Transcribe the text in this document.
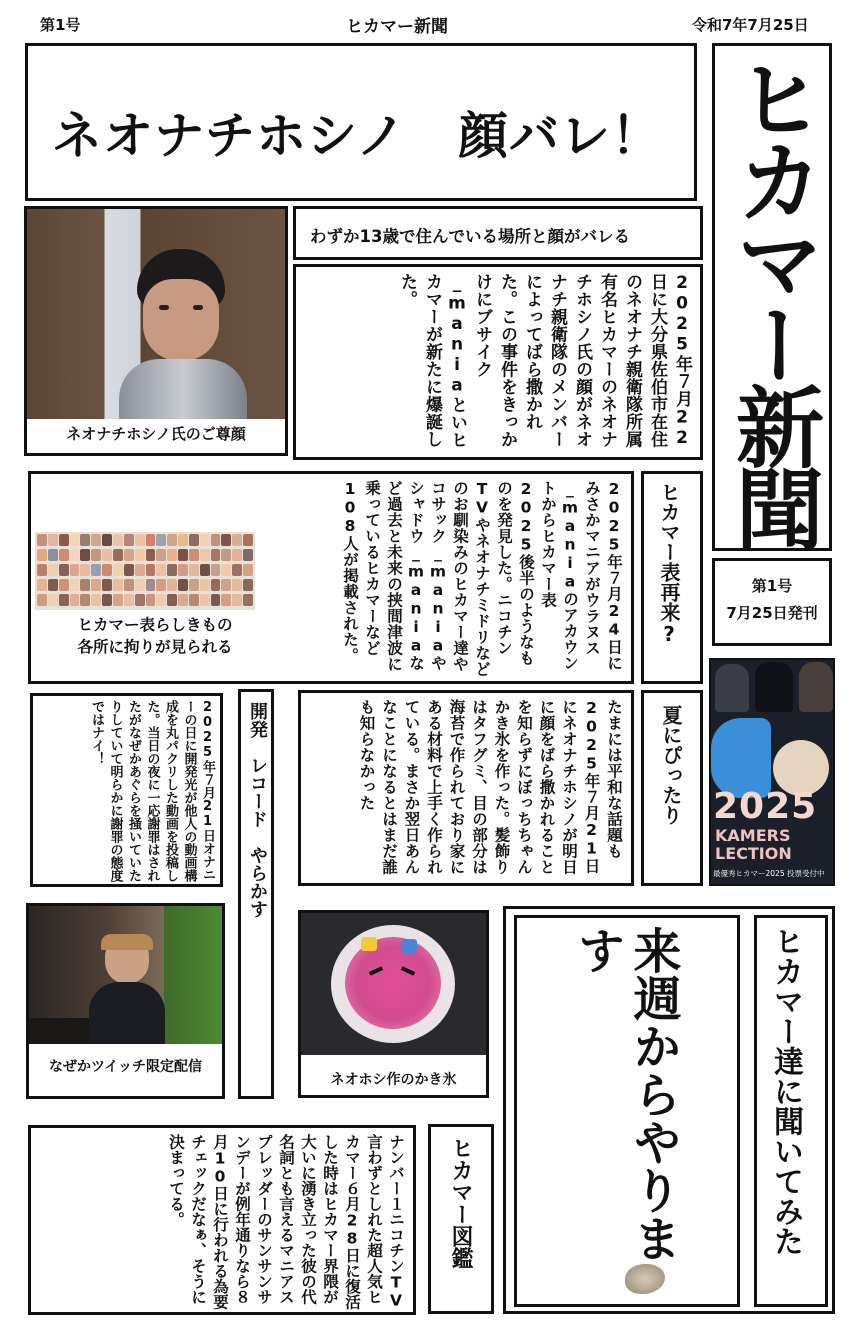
第1号	ヒカマー新聞	令和7年7月25日
ネオナチホシノ　顔バレ！ ヒカマー新聞
第1号
7月25日発刊
ネオナチホシノ氏のご尊顔
わずか13歳で住んでいる場所と顔がバレる
2025年７月22日に大分県佐伯市在住のネオナチ親衛隊所属有名ヒカマーのネオナチホシノ氏の顔がネオナチ親衛隊のメンバーによってばら撒かれた。この事件をきっかけにブサイク_maniaといヒカマーが新たに爆誕した。
2025年７月24日にみさかマニアがウラヌス_maniaのアカウントからヒカマー表2025後半のようなものを発見した。ニコチンTVやネオナチミドリなどのお馴染みのヒカマー達やコサック_maniaやシャドウ_maniaなど過去と未来の挟間津波に乗っているヒカマーなど108人が掲載された。
ヒカマー表らしきもの
各所に拘りが見られる
ヒカマー表再来?
2025
KAMERS
LECTION
最優秀ヒカマー2025 投票受付中
夏にぴったり
たまには平和な話題も2025年７月21日にネオナチホシノが明日に顔をばら撒かれることを知らずにぼっちちゃんかき氷を作った。髪飾りはタフグミ、目の部分は海苔で作られており家にある材料で上手く作られている。まさか翌日あんなことになるとはまだ誰も知らなかった
開発　レコード　やらかす
2025年７月21日オナニーの日に開発光が他人の動画構成を丸パクリした動画を投稿した。当日の夜に一応謝罪はされたがなぜかあぐらを掻いていたりしていて明らかに謝罪の態度ではナイ！
なぜかツイッチ限定配信
ネオホシ作のかき氷	来週からやります	ヒカマー達に聞いてみた
ナンバー１ニコチンTV言わずとしれた超人気ヒカマー６月28日に復活した時はヒカマー界隈が大いに湧き立った彼の代名詞とも言えるマニアスプレッダーのサンサンサンデーが例年通りなら８月10日に行われる為要チェックだなぁ、そうに決まってる。	ヒカマー図鑑
